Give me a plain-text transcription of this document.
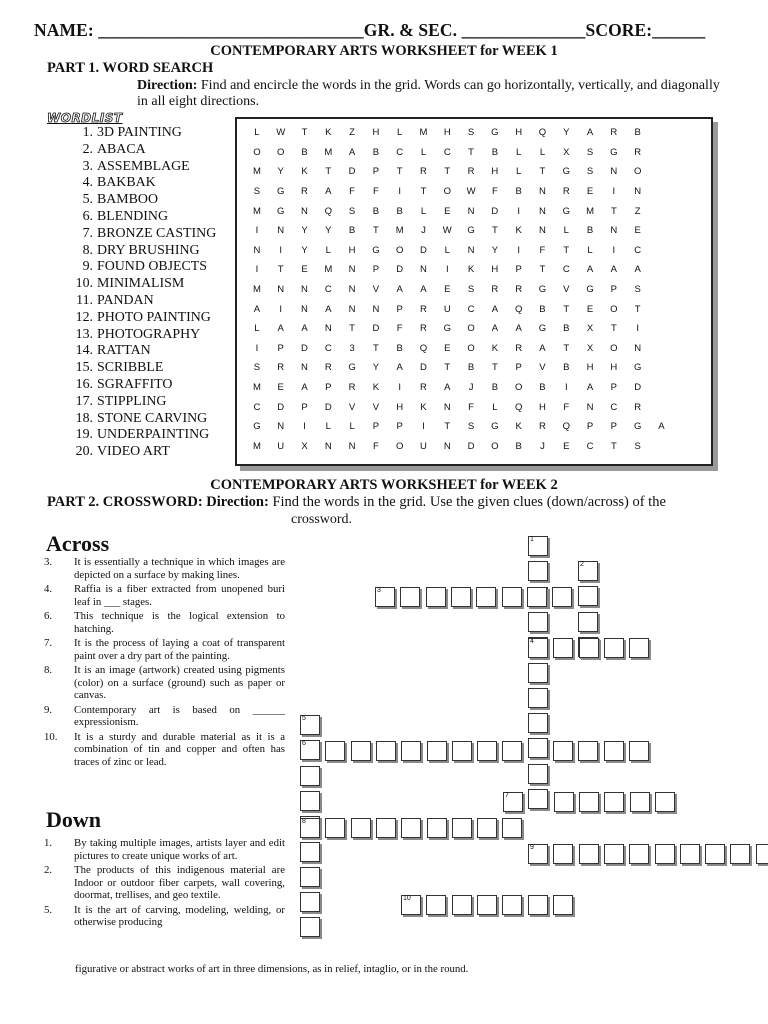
NAME: ______________________________GR. & SEC. ______________SCORE:______
CONTEMPORARY ARTS WORKSHEET for WEEK 1
PART 1. WORD SEARCH
Direction: Find and encircle the words in the grid. Words can go horizontally, vertically, and diagonally in all eight directions.
WORDLIST
1. 3D PAINTING
2. ABACA
3. ASSEMBLAGE
4. BAKBAK
5. BAMBOO
6. BLENDING
7. BRONZE CASTING
8. DRY BRUSHING
9. FOUND OBJECTS
10. MINIMALISM
11. PANDAN
12. PHOTO PAINTING
13. PHOTOGRAPHY
14. RATTAN
15. SCRIBBLE
16. SGRAFFITO
17. STIPPLING
18. STONE CARVING
19. UNDERPAINTING
20. VIDEO ART
L	W	T	K	Z	H	L	M	H	S	G	H	Q	Y	A	R	B
O	O	B	M	A	B	C	L	C	T	B	L	L	X	S	G	R
M	Y	K	T	D	P	T	R	T	R	H	L	T	G	S	N	O
S	G	R	A	F	F	I	T	O	W	F	B	N	R	E	I	N
M	G	N	Q	S	B	B	L	E	N	D	I	N	G	M	T	Z
I	N	Y	Y	B	T	M	J	W	G	T	K	N	L	B	N	E
N	I	Y	L	H	G	O	D	L	N	Y	I	F	T	L	I	C
I	T	E	M	N	P	D	N	I	K	H	P	T	C	A	A	A
M	N	N	C	N	V	A	A	E	S	R	R	G	V	G	P	S
A	I	N	A	N	N	P	R	U	C	A	Q	B	T	E	O	T
L	A	A	N	T	D	F	R	G	O	A	A	G	B	X	T	I
I	P	D	C	3	T	B	Q	E	O	K	R	A	T	X	O	N
S	R	N	R	G	Y	A	D	T	B	T	P	V	B	H	H	G
M	E	A	P	R	K	I	R	A	J	B	O	B	I	A	P	D
C	D	P	D	V	V	H	K	N	F	L	Q	H	F	N	C	R
G	N	I	L	L	P	P	I	T	S	G	K	R	Q	P	P	G	A
M	U	X	N	N	F	O	U	N	D	O	B	J	E	C	T	S
CONTEMPORARY ARTS WORKSHEET for WEEK 2
PART 2. CROSSWORD: Direction: Find the words in the grid. Use the given clues (down/across) of the
crossword.
Across
3.	It is essentially a technique in which images are depicted on a surface by making lines.
4.	Raffia is a fiber extracted from unopened buri leaf in ___ stages.
6.	This technique is the logical extension to hatching.
7.	It is the process of laying a coat of transparent paint over a dry part of the painting.
8.	It is an image (artwork) created using pigments (color) on a surface (ground) such as paper or canvas.
9.	Contemporary art is based on ______ expressionism.
10.	It is a sturdy and durable material as it is a combination of tin and copper and often has traces of zinc or lead.
Down
1.	By taking multiple images, artists layer and edit pictures to create unique works of art.
2.	The products of this indigenous material are Indoor or outdoor fiber carpets, wall covering, doormat, trellises, and geo textile.
5.	It is the art of carving, modeling, welding, or otherwise producing
figurative or abstract works of art in three dimensions, as in relief, intaglio, or in the round.
1
2
3
4
5
6
7
8
9
10
